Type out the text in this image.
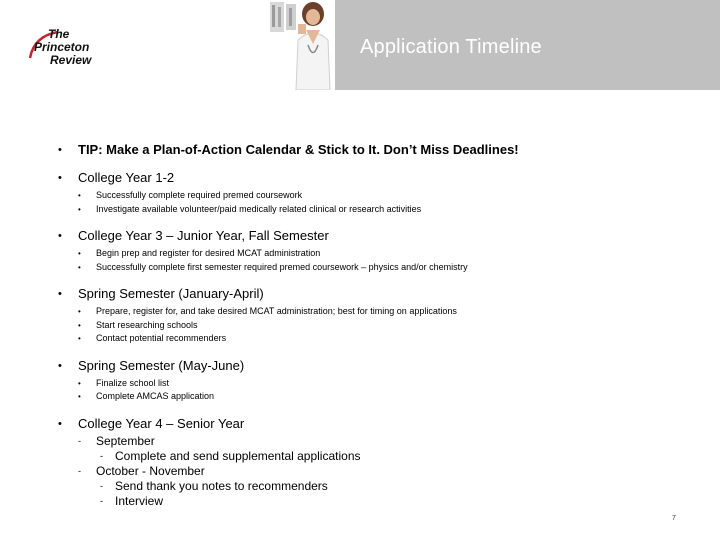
Application Timeline
The
Princeton
Review
• TIP: Make a Plan-of-Action Calendar & Stick to It. Don’t Miss Deadlines!
• College Year 1-2
• Successfully complete required premed coursework
• Investigate available volunteer/paid medically related clinical or research activities
• College Year 3 – Junior Year, Fall Semester
• Begin prep and register for desired MCAT administration
• Successfully complete first semester required premed coursework – physics and/or chemistry
• Spring Semester (January-April)
• Prepare, register for, and take desired MCAT administration; best for timing on applications
• Start researching schools
• Contact potential recommenders
• Spring Semester (May-June)
• Finalize school list
• Complete AMCAS application
• College Year 4 – Senior Year
- September
- Complete and send supplemental applications
- October - November
- Send thank you notes to recommenders
- Interview
7
